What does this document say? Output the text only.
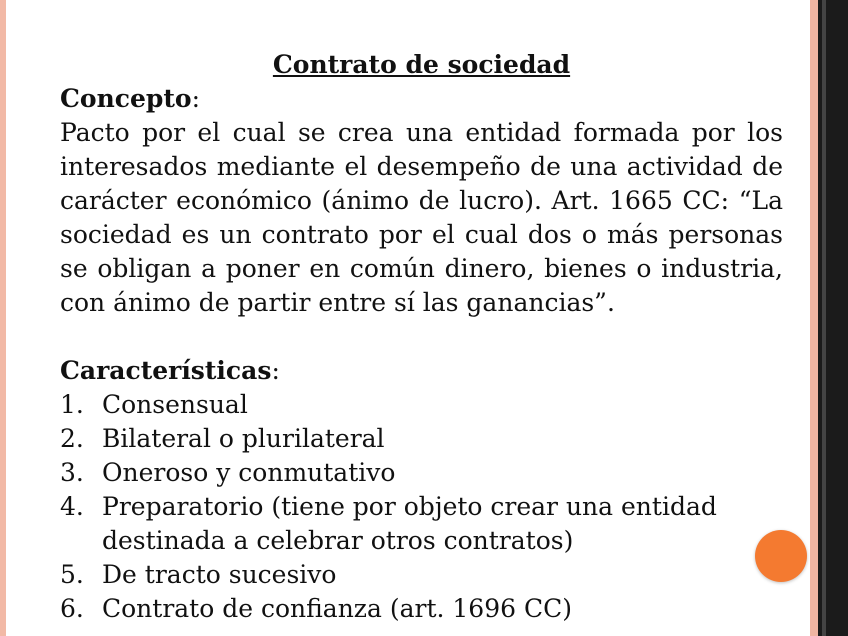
Contrato de sociedad

Concepto:

Pacto por el cual se crea una entidad formada por los interesados mediante el desempeño de una actividad de carácter económico (ánimo de lucro). Art. 1665 CC: “La sociedad es un contrato por el cual dos o más personas se obligan a poner en común dinero, bienes o industria, con ánimo de partir entre sí las ganancias”.

Características:

1. Consensual
2. Bilateral o plurilateral
3. Oneroso y conmutativo
4. Preparatorio (tiene por objeto crear una entidad destinada a celebrar otros contratos)
5. De tracto sucesivo
6. Contrato de confianza (art. 1696 CC)
